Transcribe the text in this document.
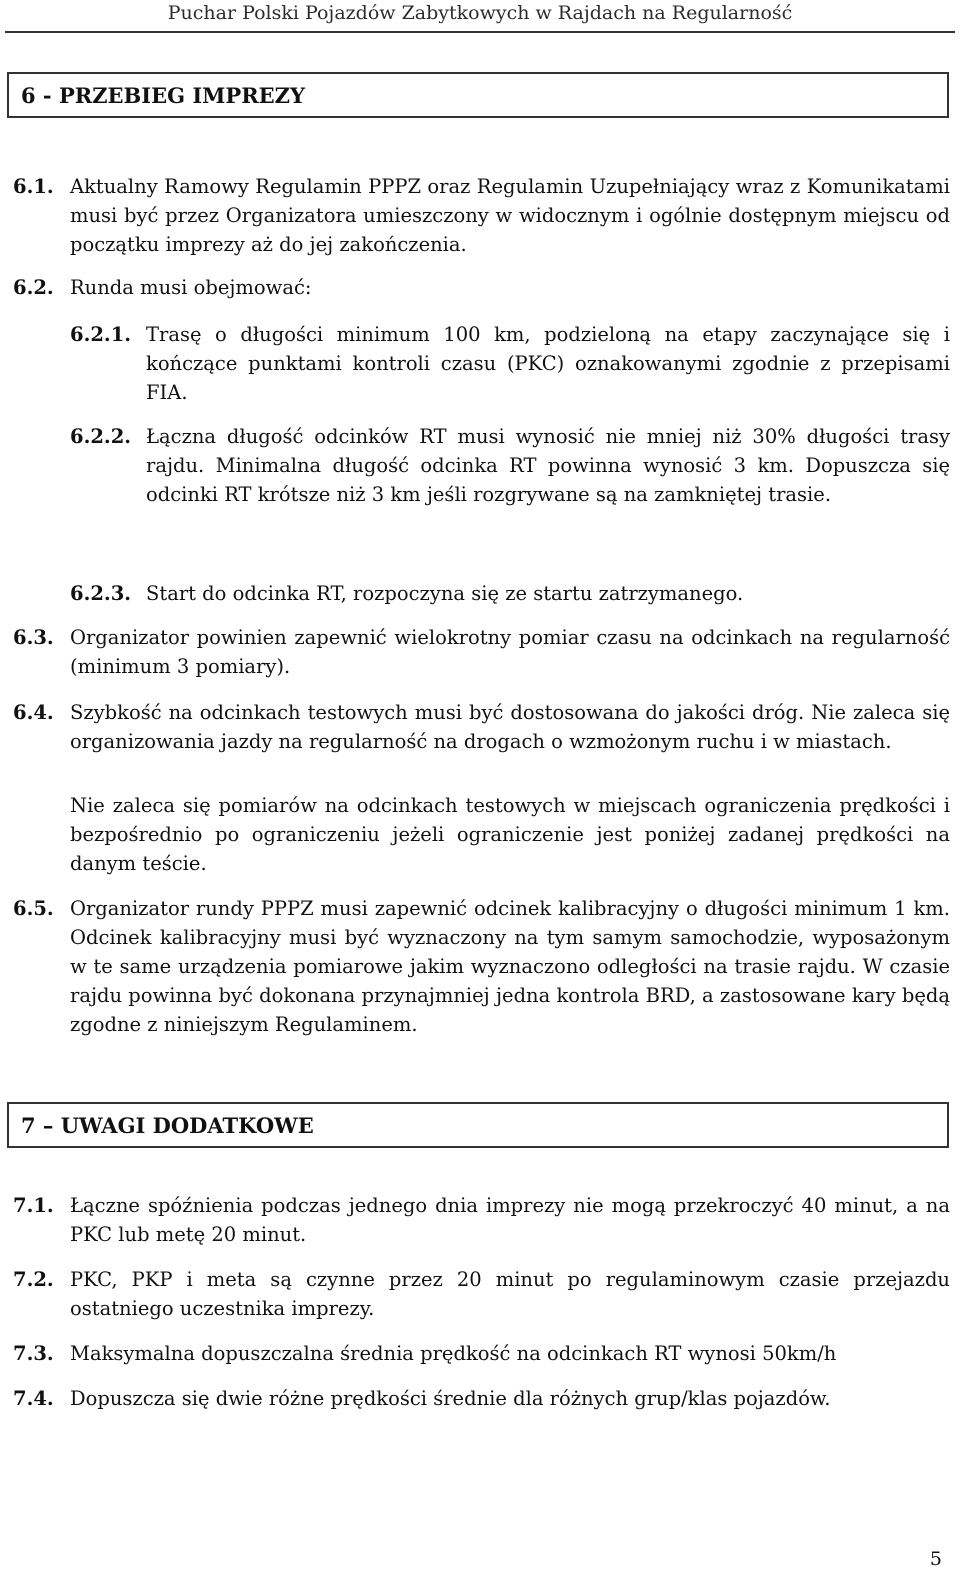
Puchar Polski Pojazdów Zabytkowych w Rajdach na Regularność
6 - PRZEBIEG IMPREZY
6.1. Aktualny Ramowy Regulamin PPPZ oraz Regulamin Uzupełniający wraz z Komunikatami musi być przez Organizatora umieszczony w widocznym i ogólnie dostępnym miejscu od początku imprezy aż do jej zakończenia.
6.2. Runda musi obejmować:
6.2.1. Trasę o długości minimum 100 km, podzieloną na etapy zaczynające się i kończące punktami kontroli czasu (PKC) oznakowanymi zgodnie z przepisami FIA.
6.2.2. Łączna długość odcinków RT musi wynosić nie mniej niż 30% długości trasy rajdu. Minimalna długość odcinka RT powinna wynosić 3 km. Dopuszcza się odcinki RT krótsze niż 3 km jeśli rozgrywane są na zamkniętej trasie.
6.2.3. Start do odcinka RT, rozpoczyna się ze startu zatrzymanego.
6.3. Organizator powinien zapewnić wielokrotny pomiar czasu na odcinkach na regularność (minimum 3 pomiary).
6.4. Szybkość na odcinkach testowych musi być dostosowana do jakości dróg. Nie zaleca się organizowania jazdy na regularność na drogach o wzmożonym ruchu i w miastach.
Nie zaleca się pomiarów na odcinkach testowych w miejscach ograniczenia prędkości i bezpośrednio po ograniczeniu jeżeli ograniczenie jest poniżej zadanej prędkości na danym teście.
6.5. Organizator rundy PPPZ musi zapewnić odcinek kalibracyjny o długości minimum 1 km. Odcinek kalibracyjny musi być wyznaczony na tym samym samochodzie, wyposażonym w te same urządzenia pomiarowe jakim wyznaczono odległości na trasie rajdu. W czasie rajdu powinna być dokonana przynajmniej jedna kontrola BRD, a zastosowane kary będą zgodne z niniejszym Regulaminem.
7 – UWAGI DODATKOWE
7.1. Łączne spóźnienia podczas jednego dnia imprezy nie mogą przekroczyć 40 minut, a na PKC lub metę 20 minut.
7.2. PKC, PKP i meta są czynne przez 20 minut po regulaminowym czasie przejazdu ostatniego uczestnika imprezy.
7.3. Maksymalna dopuszczalna średnia prędkość na odcinkach RT wynosi 50km/h
7.4. Dopuszcza się dwie różne prędkości średnie dla różnych grup/klas pojazdów.
5
